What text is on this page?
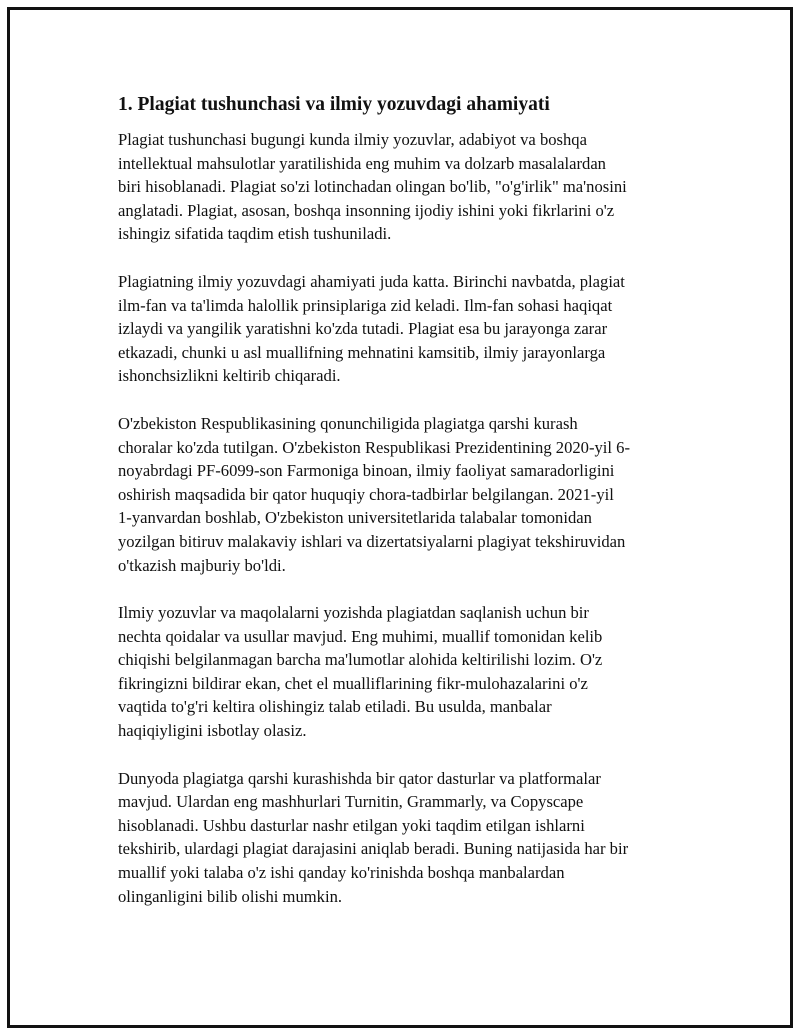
1. Plagiat tushunchasi va ilmiy yozuvdagi ahamiyati

Plagiat tushunchasi bugungi kunda ilmiy yozuvlar, adabiyot va boshqa
intellektual mahsulotlar yaratilishida eng muhim va dolzarb masalalardan
biri hisoblanadi. Plagiat so'zi lotinchadan olingan bo'lib, "o'g'irlik" ma'nosini
anglatadi. Plagiat, asosan, boshqa insonning ijodiy ishini yoki fikrlarini o'z
ishingiz sifatida taqdim etish tushuniladi.

Plagiatning ilmiy yozuvdagi ahamiyati juda katta. Birinchi navbatda, plagiat
ilm-fan va ta'limda halollik prinsiplariga zid keladi. Ilm-fan sohasi haqiqat
izlaydi va yangilik yaratishni ko'zda tutadi. Plagiat esa bu jarayonga zarar
etkazadi, chunki u asl muallifning mehnatini kamsitib, ilmiy jarayonlarga
ishonchsizlikni keltirib chiqaradi.

O'zbekiston Respublikasining qonunchiligida plagiatga qarshi kurash
choralar ko'zda tutilgan. O'zbekiston Respublikasi Prezidentining 2020-yil 6-
noyabrdagi PF-6099-son Farmoniga binoan, ilmiy faoliyat samaradorligini
oshirish maqsadida bir qator huquqiy chora-tadbirlar belgilangan. 2021-yil
1-yanvardan boshlab, O'zbekiston universitetlarida talabalar tomonidan
yozilgan bitiruv malakaviy ishlari va dizertatsiyalarni plagiyat tekshiruvidan
o'tkazish majburiy bo'ldi.

Ilmiy yozuvlar va maqolalarni yozishda plagiatdan saqlanish uchun bir
nechta qoidalar va usullar mavjud. Eng muhimi, muallif tomonidan kelib
chiqishi belgilanmagan barcha ma'lumotlar alohida keltirilishi lozim. O'z
fikringizni bildirar ekan, chet el mualliflarining fikr-mulohazalarini o'z
vaqtida to'g'ri keltira olishingiz talab etiladi. Bu usulda, manbalar
haqiqiyligini isbotlay olasiz.

Dunyoda plagiatga qarshi kurashishda bir qator dasturlar va platformalar
mavjud. Ulardan eng mashhurlari Turnitin, Grammarly, va Copyscape
hisoblanadi. Ushbu dasturlar nashr etilgan yoki taqdim etilgan ishlarni
tekshirib, ulardagi plagiat darajasini aniqlab beradi. Buning natijasida har bir
muallif yoki talaba o'z ishi qanday ko'rinishda boshqa manbalardan
olinganligini bilib olishi mumkin.
